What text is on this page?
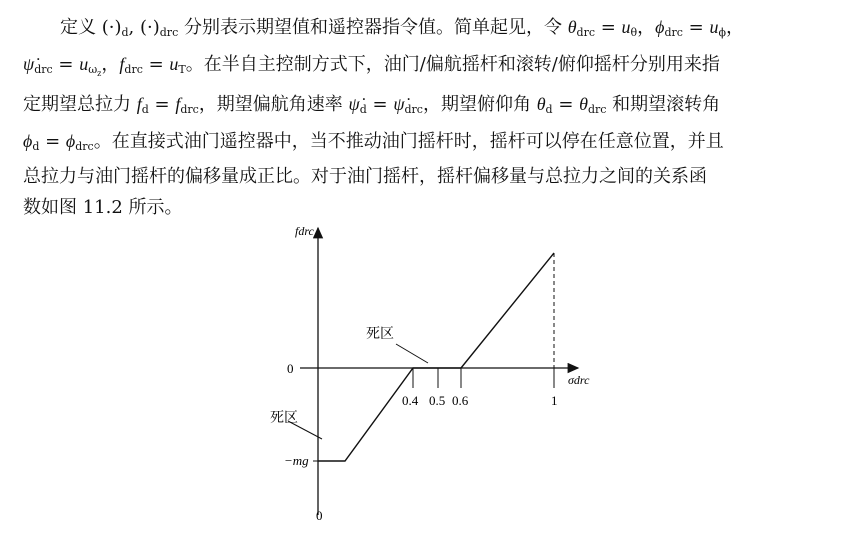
定义 $(\cdot)_d$, $(\cdot)_{drc}$ 分别表示期望值和遥控器指令值。简单起见，令 $\theta_{drc} = u_\theta$，$\phi_{drc} = u_\phi$，
$\psi̇_{drc} = u_{\omega_z}$，$f_{drc} = u_T$。在半自主控制方式下，油门/偏航摇杆和滚转/俯仰摇杆分别用来指
定期望总拉力 $f_d = f_{drc}$，期望偏航角速率 $\psi̇_d$ = $\psi̇_{drc}$，期望俯仰角 $\theta_d = \theta_{drc}$ 和期望滚转角
$\phi_d = \phi_{drc}$。在直接式油门遥控器中，当不推动油门摇杆时，摇杆可以停在任意位置，并且
总拉力与油门摇杆的偏移量成正比。对于油门摇杆，摇杆偏移量与总拉力之间的关系函
数如图 11.2 所示。
fdrc
σdrc
0
−mg
0
死区
死区
0.4 0.5 0.6	1
